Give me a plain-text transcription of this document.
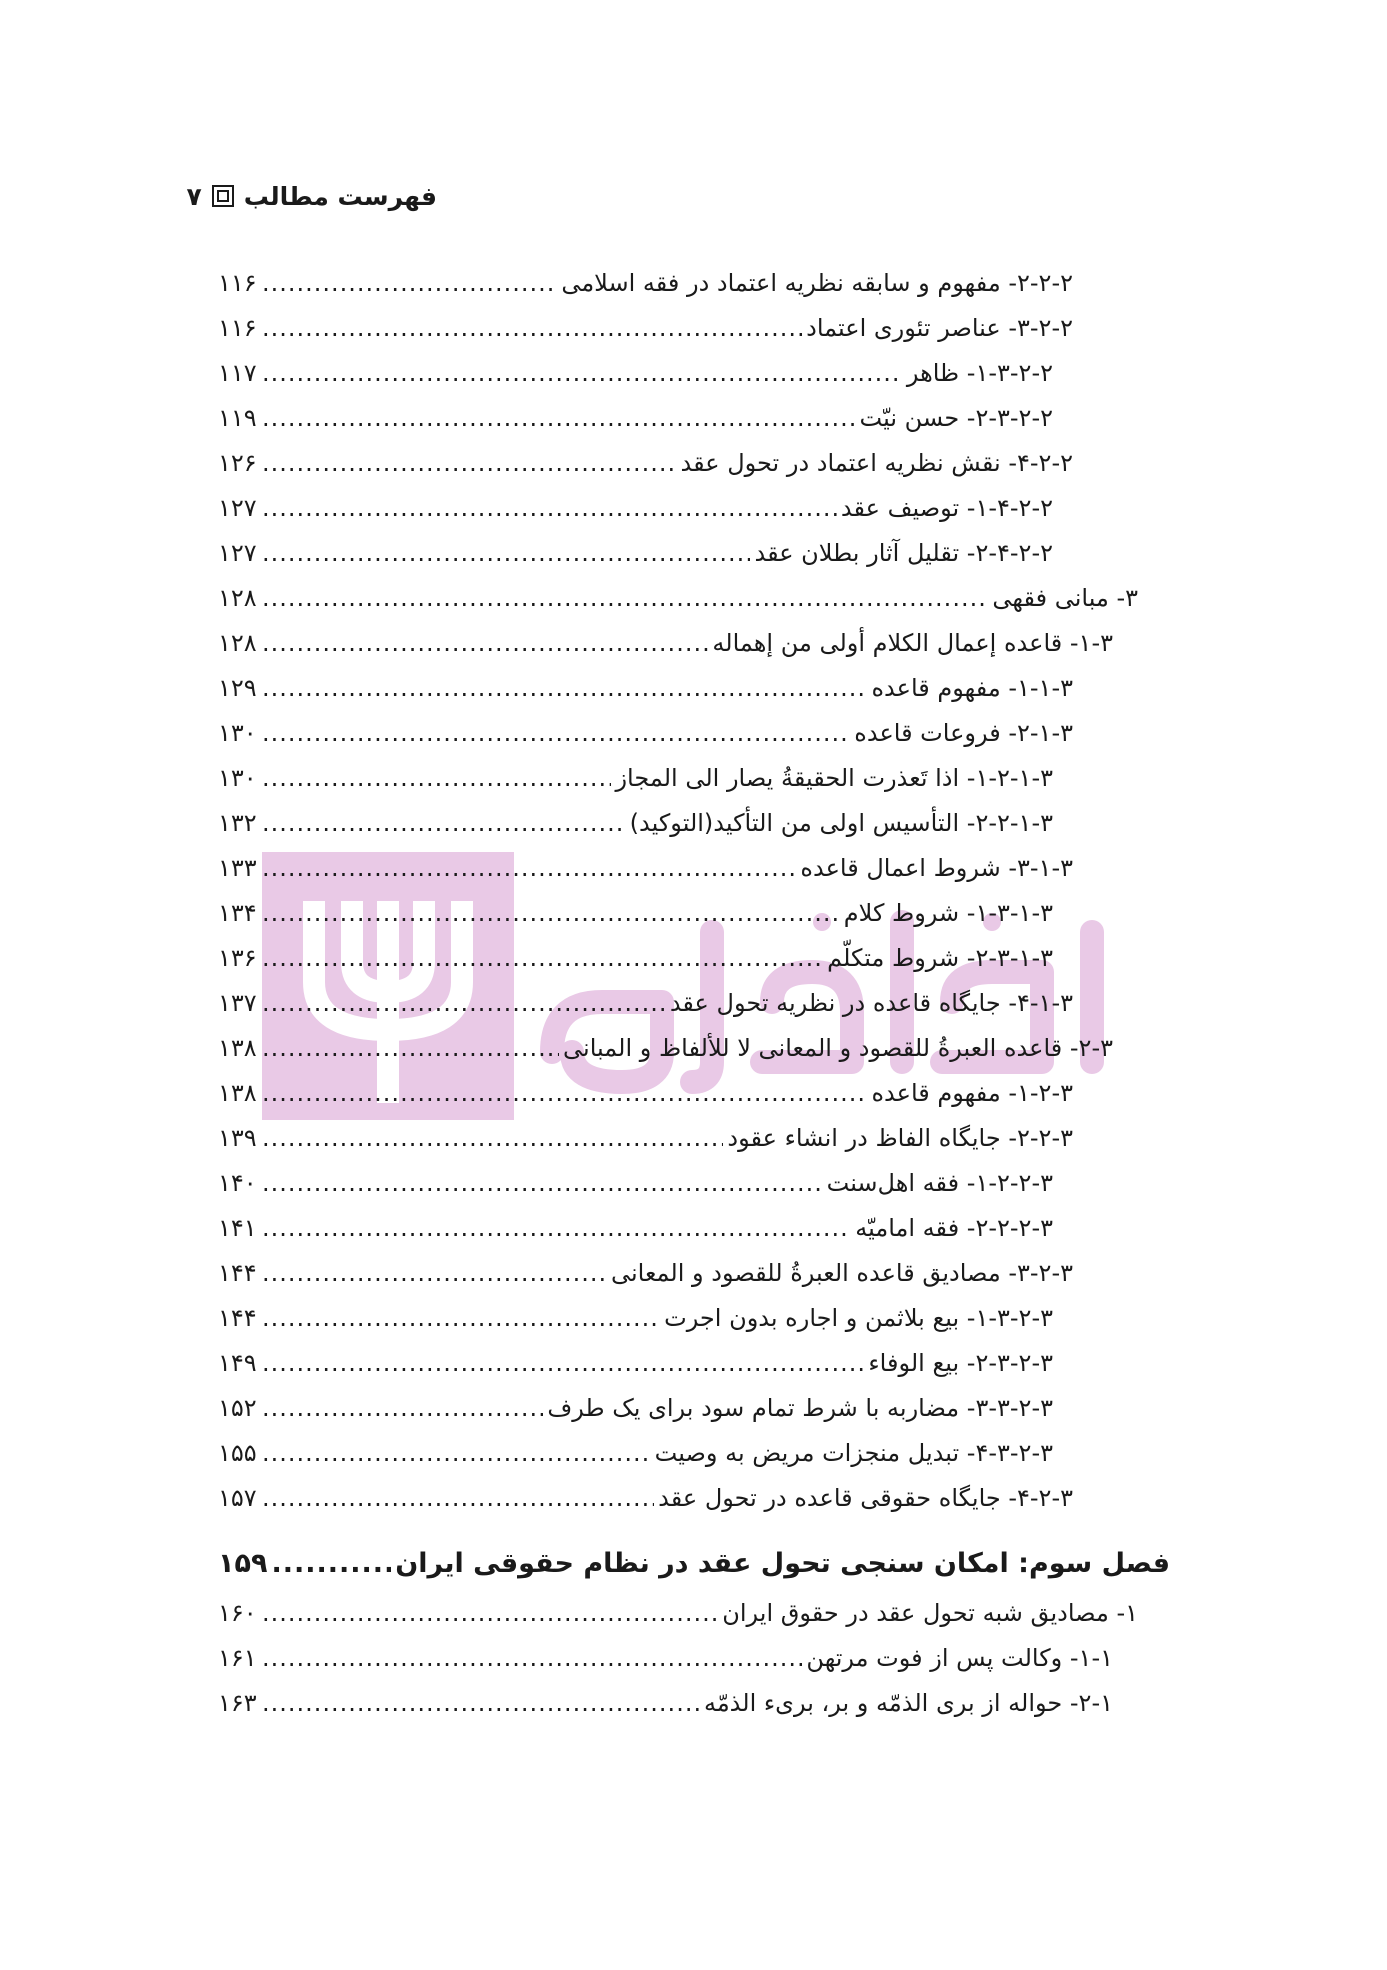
فهرست مطالب۷
۲-۲-۲- مفهوم و سابقه نظریه اعتماد در فقه اسلامی
.....
۱۱۶
۳-۲-۲- عناصر تئوری اعتماد
.....
۱۱۶
۱-۳-۲-۲- ظاهر
.....
۱۱۷
۲-۳-۲-۲- حسن نیّت
.....
۱۱۹
۴-۲-۲- نقش نظریه اعتماد در تحول عقد
.....
۱۲۶
۱-۴-۲-۲- توصیف عقد
.....
۱۲۷
۲-۴-۲-۲- تقلیل آثار بطلان عقد
.....
۱۲۷
۳- مبانی فقهی
.....
۱۲۸
۱-۳- قاعده إعمال الکلام أولی من إهماله
.....
۱۲۸
۱-۱-۳- مفهوم قاعده
.....
۱۲۹
۲-۱-۳- فروعات قاعده
.....
۱۳۰
۱-۲-۱-۳- اذا تَعذرت الحقیقةُ یصار الی المجاز
.....
۱۳۰
۲-۲-۱-۳- التأسیس اولی من التأکید(التوکید)
.....
۱۳۲
۳-۱-۳- شروط اعمال قاعده
.....
۱۳۳
۱-۳-۱-۳- شروط کلام
.....
۱۳۴
۲-۳-۱-۳- شروط متکلّم
.....
۱۳۶
۴-۱-۳- جایگاه قاعده در نظریه تحول عقد
.....
۱۳۷
۲-۳- قاعده العبرةُ للقصود و المعانی لا للألفاظ و المبانی
.....
۱۳۸
۱-۲-۳- مفهوم قاعده
.....
۱۳۸
۲-۲-۳- جایگاه الفاظ در انشاء عقود
.....
۱۳۹
۱-۲-۲-۳- فقه اهل‌سنت
.....
۱۴۰
۲-۲-۲-۳- فقه امامیّه
.....
۱۴۱
۳-۲-۳- مصادیق قاعده العبرةُ للقصود و المعانی
.....
۱۴۴
۱-۳-۲-۳- بیع بلاثمن و اجاره بدون اجرت
.....
۱۴۴
۲-۳-۲-۳- بیع الوفاء
.....
۱۴۹
۳-۳-۲-۳- مضاربه با شرط تمام سود برای یک طرف
.....
۱۵۲
۴-۳-۲-۳- تبدیل منجزات مریض به وصیت
.....
۱۵۵
۴-۲-۳- جایگاه حقوقی قاعده در تحول عقد
.....
۱۵۷
فصل سوم: امکان سنجی تحول عقد در نظام حقوقی ایران
.....
۱۵۹
۱- مصادیق شبه تحول عقد در حقوق ایران
.....
۱۶۰
۱-۱- وکالت پس از فوت مرتهن
.....
۱۶۱
۲-۱- حواله از بری الذمّه و بر، بریء الذمّه
.....
۱۶۳
